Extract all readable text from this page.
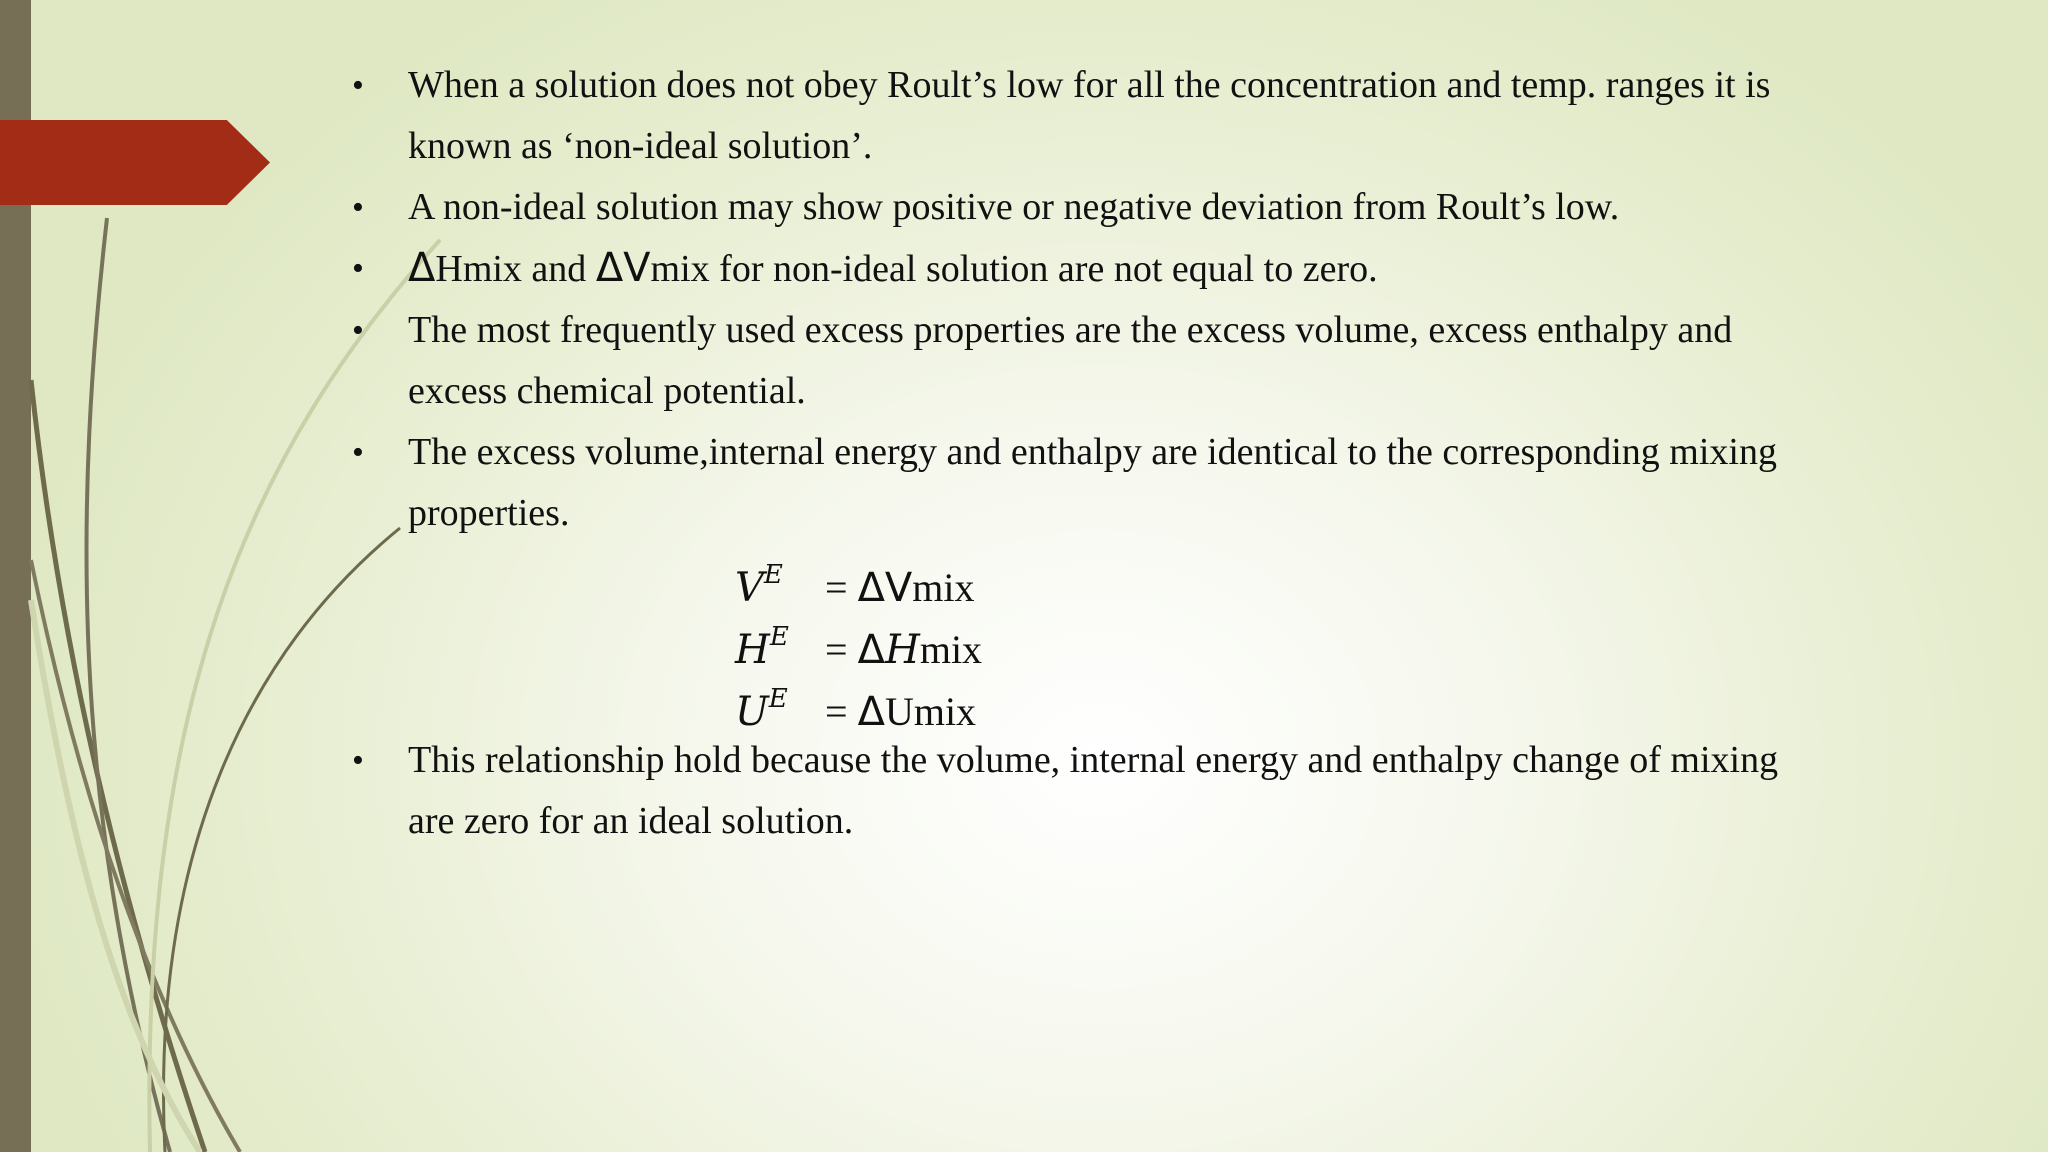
• When a solution does not obey Roult’s low for all the concentration and temp. ranges it is known as ‘non-ideal solution’.
• A non-ideal solution may show positive or negative deviation from Roult’s low.
• ΔHmix and ΔVmix for non-ideal solution are not equal to zero.
• The most frequently used excess properties are the excess volume, excess enthalpy and excess chemical potential.
• The excess volume,internal energy and enthalpy are identical to the corresponding mixing properties.
$V^E$ = ΔVmix
$H^E$ = ΔHmix
$U^E$ = ΔUmix
• This relationship hold because the volume, internal energy and enthalpy change of mixing are zero for an ideal solution.
